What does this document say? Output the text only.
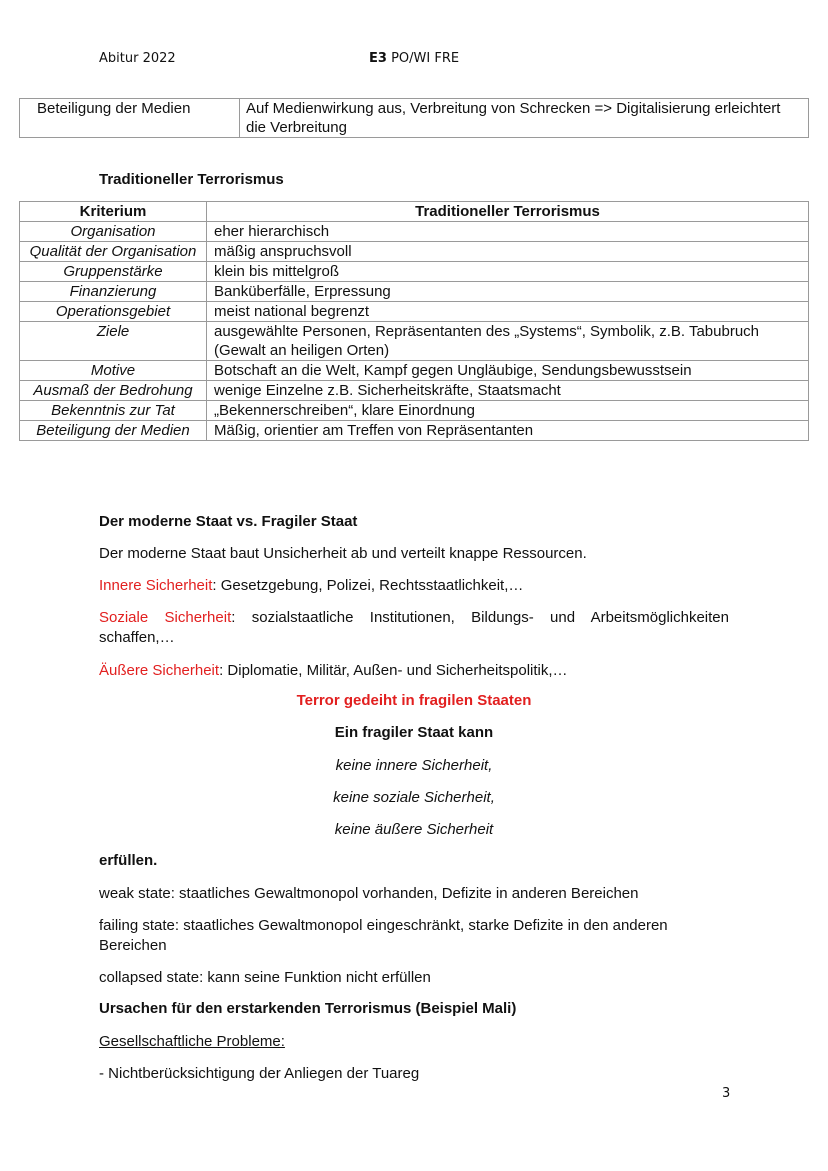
Abitur 2022	E3 PO/WI FRE
Beteiligung der Medien	Auf Medienwirkung aus, Verbreitung von Schrecken => Digitalisierung erleichtert die Verbreitung
Traditioneller Terrorismus
Kriterium	Traditioneller Terrorismus
Organisation	eher hierarchisch
Qualität der Organisation	mäßig anspruchsvoll
Gruppenstärke	klein bis mittelgroß
Finanzierung	Banküberfälle, Erpressung
Operationsgebiet	meist national begrenzt
Ziele	ausgewählte Personen, Repräsentanten des „Systems“, Symbolik, z.B. Tabubruch (Gewalt an heiligen Orten)
Motive	Botschaft an die Welt, Kampf gegen Ungläubige, Sendungsbewusstsein
Ausmaß der Bedrohung	wenige Einzelne z.B. Sicherheitskräfte, Staatsmacht
Bekenntnis zur Tat	„Bekennerschreiben“, klare Einordnung
Beteiligung der Medien	Mäßig, orientier am Treffen von Repräsentanten
Der moderne Staat vs. Fragiler Staat
Der moderne Staat baut Unsicherheit ab und verteilt knappe Ressourcen.
Innere Sicherheit: Gesetzgebung, Polizei, Rechtsstaatlichkeit,…
Soziale Sicherheit: sozialstaatliche Institutionen, Bildungs- und Arbeitsmöglichkeiten schaffen,…
Äußere Sicherheit: Diplomatie, Militär, Außen- und Sicherheitspolitik,…
Terror gedeiht in fragilen Staaten
Ein fragiler Staat kann
keine innere Sicherheit,
keine soziale Sicherheit,
keine äußere Sicherheit
erfüllen.
weak state: staatliches Gewaltmonopol vorhanden, Defizite in anderen Bereichen
failing state: staatliches Gewaltmonopol eingeschränkt, starke Defizite in den anderen Bereichen
collapsed state: kann seine Funktion nicht erfüllen
Ursachen für den erstarkenden Terrorismus (Beispiel Mali)
Gesellschaftliche Probleme:
- Nichtberücksichtigung der Anliegen der Tuareg
3
